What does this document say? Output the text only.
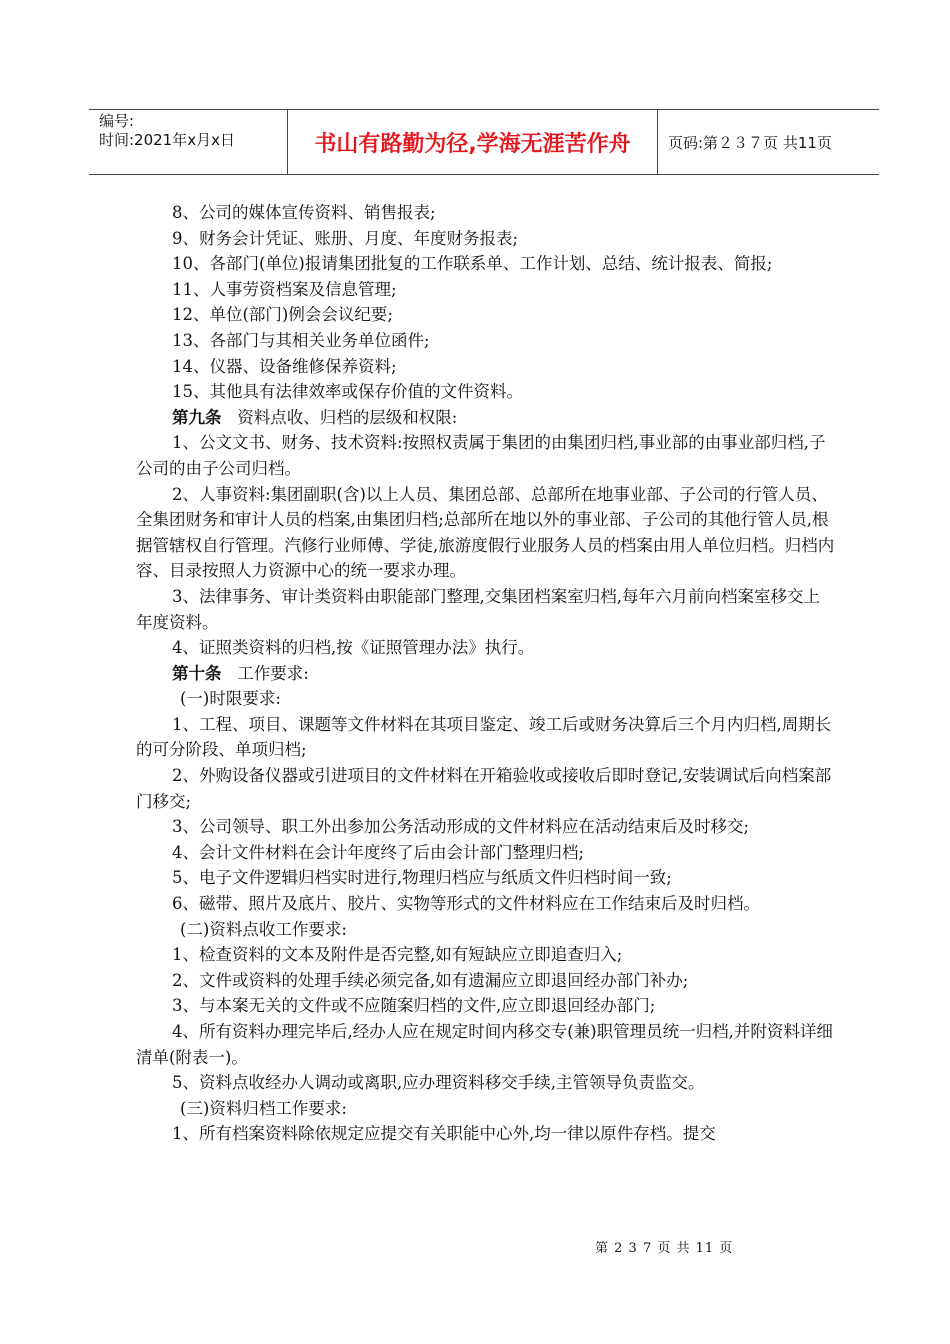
编号:
时间:2021年x月x日	书山有路勤为径,学海无涯苦作舟	页码:第２３７页 共11页

8、公司的媒体宣传资料、销售报表;

9、财务会计凭证、账册、月度、年度财务报表;

10、各部门(单位)报请集团批复的工作联系单、工作计划、总结、统计报表、简报;

11、人事劳资档案及信息管理;

12、单位(部门)例会会议纪要;

13、各部门与其相关业务单位函件;

14、仪器、设备维修保养资料;

15、其他具有法律效率或保存价值的文件资料。

第九条 资料点收、归档的层级和权限:

1、公文文书、财务、技术资料:按照权责属于集团的由集团归档,事业部的由事业部归档,子公司的由子公司归档。

2、人事资料:集团副职(含)以上人员、集团总部、总部所在地事业部、子公司的行管人员、全集团财务和审计人员的档案,由集团归档;总部所在地以外的事业部、子公司的其他行管人员,根据管辖权自行管理。汽修行业师傅、学徒,旅游度假行业服务人员的档案由用人单位归档。归档内容、目录按照人力资源中心的统一要求办理。

3、法律事务、审计类资料由职能部门整理,交集团档案室归档,每年六月前向档案室移交上年度资料。

4、证照类资料的归档,按《证照管理办法》执行。

第十条 工作要求:

(一)时限要求:

1、工程、项目、课题等文件材料在其项目鉴定、竣工后或财务决算后三个月内归档,周期长的可分阶段、单项归档;

2、外购设备仪器或引进项目的文件材料在开箱验收或接收后即时登记,安装调试后向档案部门移交;

3、公司领导、职工外出参加公务活动形成的文件材料应在活动结束后及时移交;

4、会计文件材料在会计年度终了后由会计部门整理归档;

5、电子文件逻辑归档实时进行,物理归档应与纸质文件归档时间一致;

6、磁带、照片及底片、胶片、实物等形式的文件材料应在工作结束后及时归档。

(二)资料点收工作要求:

1、检查资料的文本及附件是否完整,如有短缺应立即追查归入;

2、文件或资料的处理手续必须完备,如有遗漏应立即退回经办部门补办;

3、与本案无关的文件或不应随案归档的文件,应立即退回经办部门;

4、所有资料办理完毕后,经办人应在规定时间内移交专(兼)职管理员统一归档,并附资料详细清单(附表一)。

5、资料点收经办人调动或离职,应办理资料移交手续,主管领导负责监交。

(三)资料归档工作要求:

1、所有档案资料除依规定应提交有关职能中心外,均一律以原件存档。提交

第 2 3 7 页 共 11 页
